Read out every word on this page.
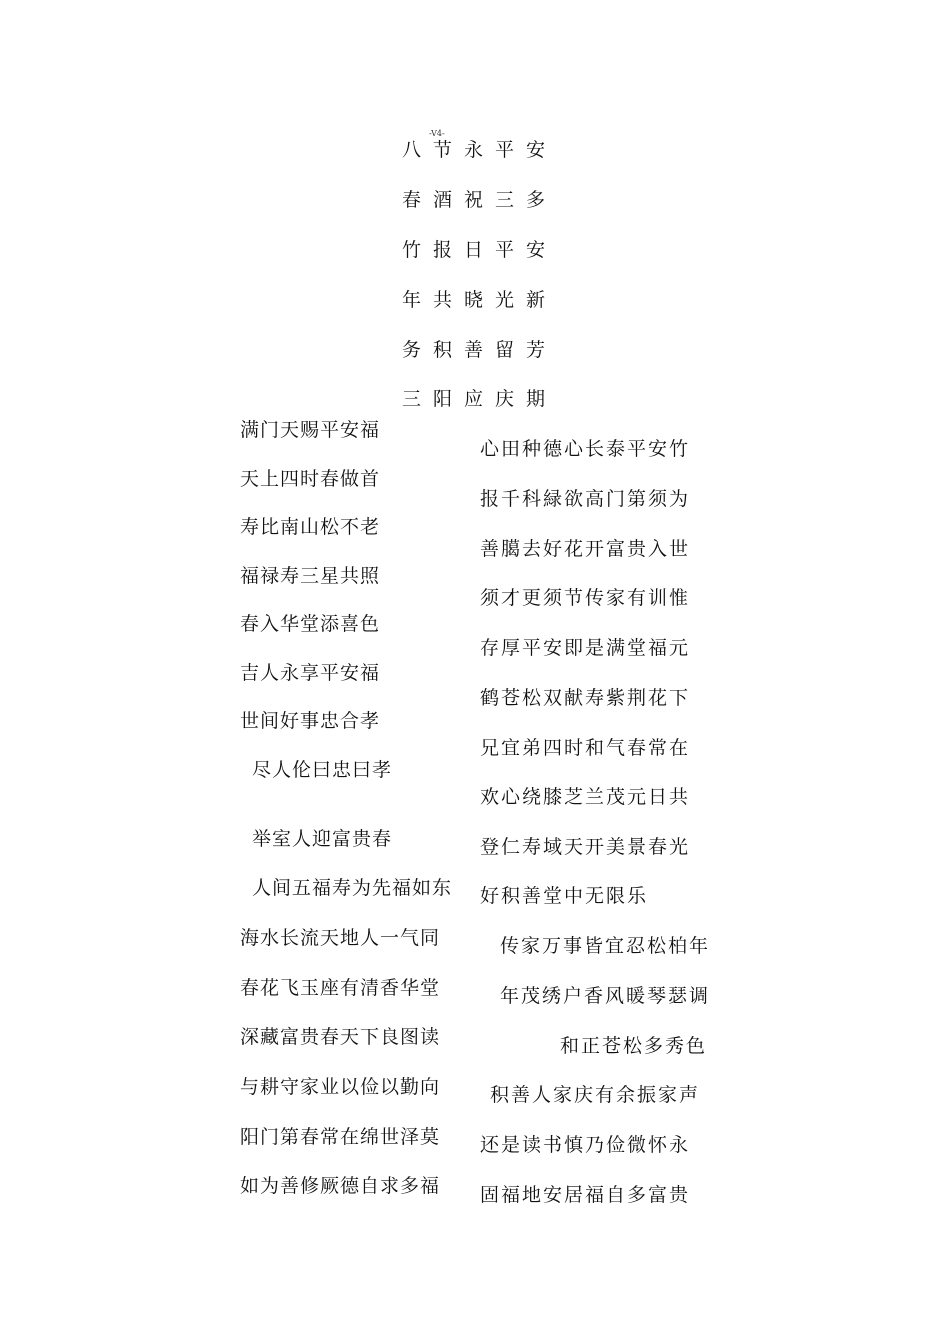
-V4-
八节永平安
春酒祝三多
竹报日平安
年共晓光新
务积善留芳
三阳应庆期
满门天赐平安福
天上四时春做首
寿比南山松不老
福禄寿三星共照
春入华堂添喜色
吉人永享平安福
世间好事忠合孝
尽人伦曰忠曰孝
举室人迎富贵春
人间五福寿为先福如东
海水长流天地人一气同
春花飞玉座有清香华堂
深藏富贵春天下良图读
与耕守家业以俭以勤向
阳门第春常在绵世泽莫
如为善修厥德自求多福
心田种德心长泰平安竹
报千科緑欲高门第须为
善臈去好花开富贵入世
须才更须节传家有训惟
存厚平安即是满堂福元
鹤苍松双献寿紫荆花下
兄宜弟四时和气春常在
欢心绕膝芝兰茂元日共
登仁寿域天开美景春光
好积善堂中无限乐
传家万事皆宜忍松柏年
年茂绣户香风暖琴瑟调
和正苍松多秀色
积善人家庆有余振家声
还是读书慎乃俭微怀永
固福地安居福自多富贵
